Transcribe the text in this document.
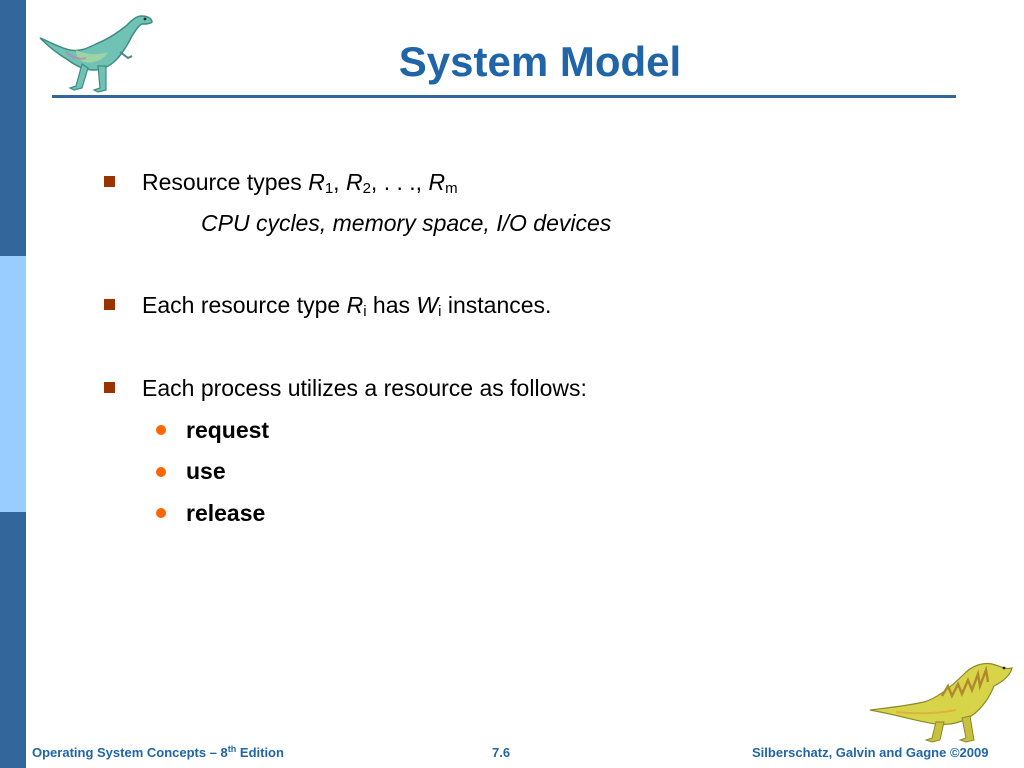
System Model
Resource types $R_1$, $R_2$, . . ., $R_m$
CPU cycles, memory space, I/O devices
Each resource type $R_i$ has $W_i$ instances.
Each process utilizes a resource as follows:
request
use
release
Operating System Concepts – 8th Edition	7.6	Silberschatz, Galvin and Gagne ©2009
